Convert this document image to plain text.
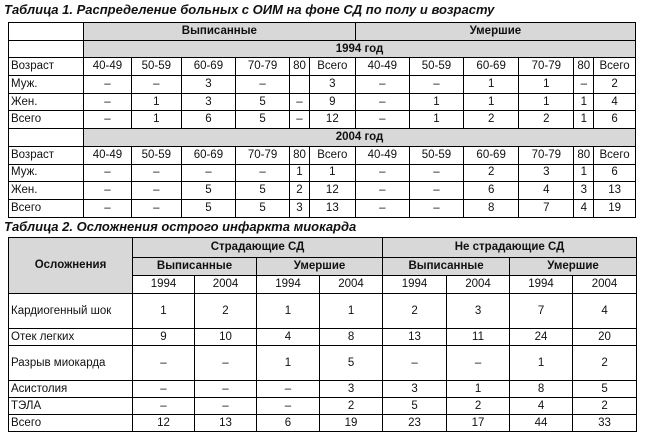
Таблица 1. Распределение больных с ОИМ на фоне СД по полу и возрасту
	Выписанные						Умершие					
	1994 год											
Возраст	40-49	50-59	60-69	70-79	80	Всего	40-49	50-59	60-69	70-79	80	Всего
Муж.	–	–	3	–		3	–	–	1	1	–	2
Жен.	–	1	3	5	–	9	–	1	1	1	1	4
Всего	–	1	6	5	–	12	–	1	2	2	1	6
	2004 год											
Возраст	40-49	50-59	60-69	70-79	80	Всего	40-49	50-59	60-69	70-79	80	Всего
Муж.	–	–	–	–	1	1	–	–	2	3	1	6
Жен.	–	–	5	5	2	12	–	–	6	4	3	13
Всего	–	–	5	5	3	13	–	–	8	7	4	19
Таблица 2. Осложнения острого инфаркта миокарда
Осложнения	Страдающие СД				Не страдающие СД			
	Выписанные		Умершие		Выписанные		Умершие	
	1994	2004	1994	2004	1994	2004	1994	2004
Кардиогенный шок	1	2	1	1	2	3	7	4
Отек легких	9	10	4	8	13	11	24	20
Разрыв миокарда	–	–	1	5	–	–	1	2
Асистолия	–	–	–	3	3	1	8	5
ТЭЛА	–	–	–	2	5	2	4	2
Всего	12	13	6	19	23	17	44	33
